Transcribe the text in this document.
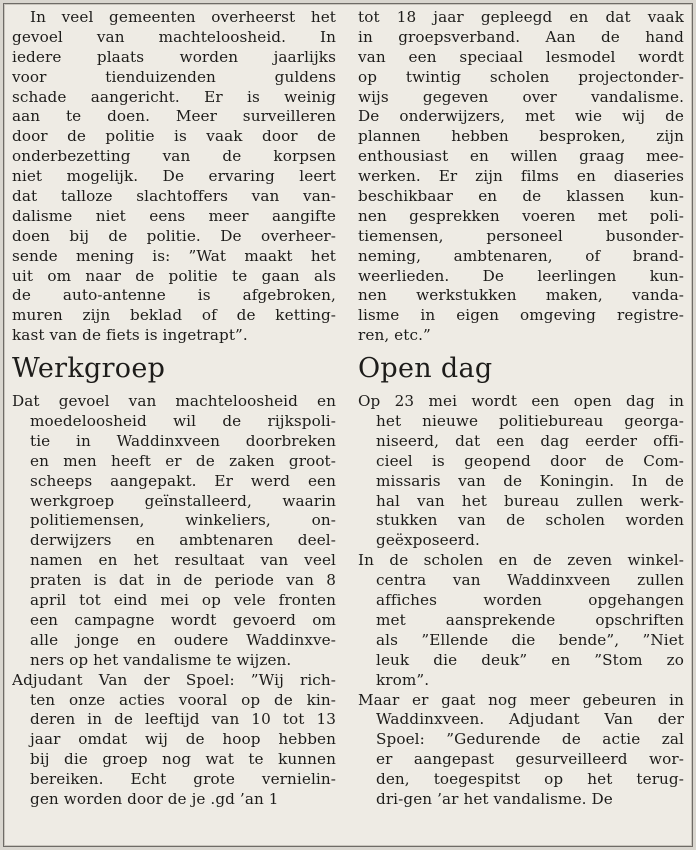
In veel gemeenten overheerst het
gevoel van machteloosheid. In
iedere plaats worden jaarlijks
voor tienduizenden guldens
schade aangericht. Er is weinig
aan te doen. Meer surveilleren
door de politie is vaak door de
onderbezetting van de korpsen
niet mogelijk. De ervaring leert
dat talloze slachtoffers van van-
dalisme niet eens meer aangifte
doen bij de politie. De overheer-
sende mening is: ”Wat maakt het
uit om naar de politie te gaan als
de auto-antenne is afgebroken,
muren zijn beklad of de ketting-
kast van de fiets is ingetrapt”.
Werkgroep
Dat gevoel van machteloosheid en
moedeloosheid wil de rijkspoli-
tie in Waddinxveen doorbreken
en men heeft er de zaken groot-
scheeps aangepakt. Er werd een
werkgroep geïnstalleerd, waarin
politiemensen, winkeliers, on-
derwijzers en ambtenaren deel-
namen en het resultaat van veel
praten is dat in de periode van 8
april tot eind mei op vele fronten
een campagne wordt gevoerd om
alle jonge en oudere Waddinxve-
ners op het vandalisme te wijzen.
Adjudant Van der Spoel: ”Wij rich-
ten onze acties vooral op de kin-
deren in de leeftijd van 10 tot 13
jaar omdat wij de hoop hebben
bij die groep nog wat te kunnen
bereiken. Echt grote vernielin-
gen worden door de je .gd ’an 1
tot 18 jaar gepleegd en dat vaak
in groepsverband. Aan de hand
van een speciaal lesmodel wordt
op twintig scholen projectonder-
wijs gegeven over vandalisme.
De onderwijzers, met wie wij de
plannen hebben besproken, zijn
enthousiast en willen graag mee-
werken. Er zijn films en diaseries
beschikbaar en de klassen kun-
nen gesprekken voeren met poli-
tiemensen, personeel busonder-
neming, ambtenaren, of brand-
weerlieden. De leerlingen kun-
nen werkstukken maken, vanda-
lisme in eigen omgeving registre-
ren, etc.”
Open dag
Op 23 mei wordt een open dag in
het nieuwe politiebureau georga-
niseerd, dat een dag eerder offi-
cieel is geopend door de Com-
missaris van de Koningin. In de
hal van het bureau zullen werk-
stukken van de scholen worden
geëxposeerd.
In de scholen en de zeven winkel-
centra van Waddinxveen zullen
affiches worden opgehangen
met aansprekende opschriften
als ”Ellende die bende”, ”Niet
leuk die deuk” en ”Stom zo
krom”.
Maar er gaat nog meer gebeuren in
Waddinxveen. Adjudant Van der
Spoel: ”Gedurende de actie zal
er aangepast gesurveilleerd wor-
den, toegespitst op het terug-
dri-gen ’ar het vandalisme. De
